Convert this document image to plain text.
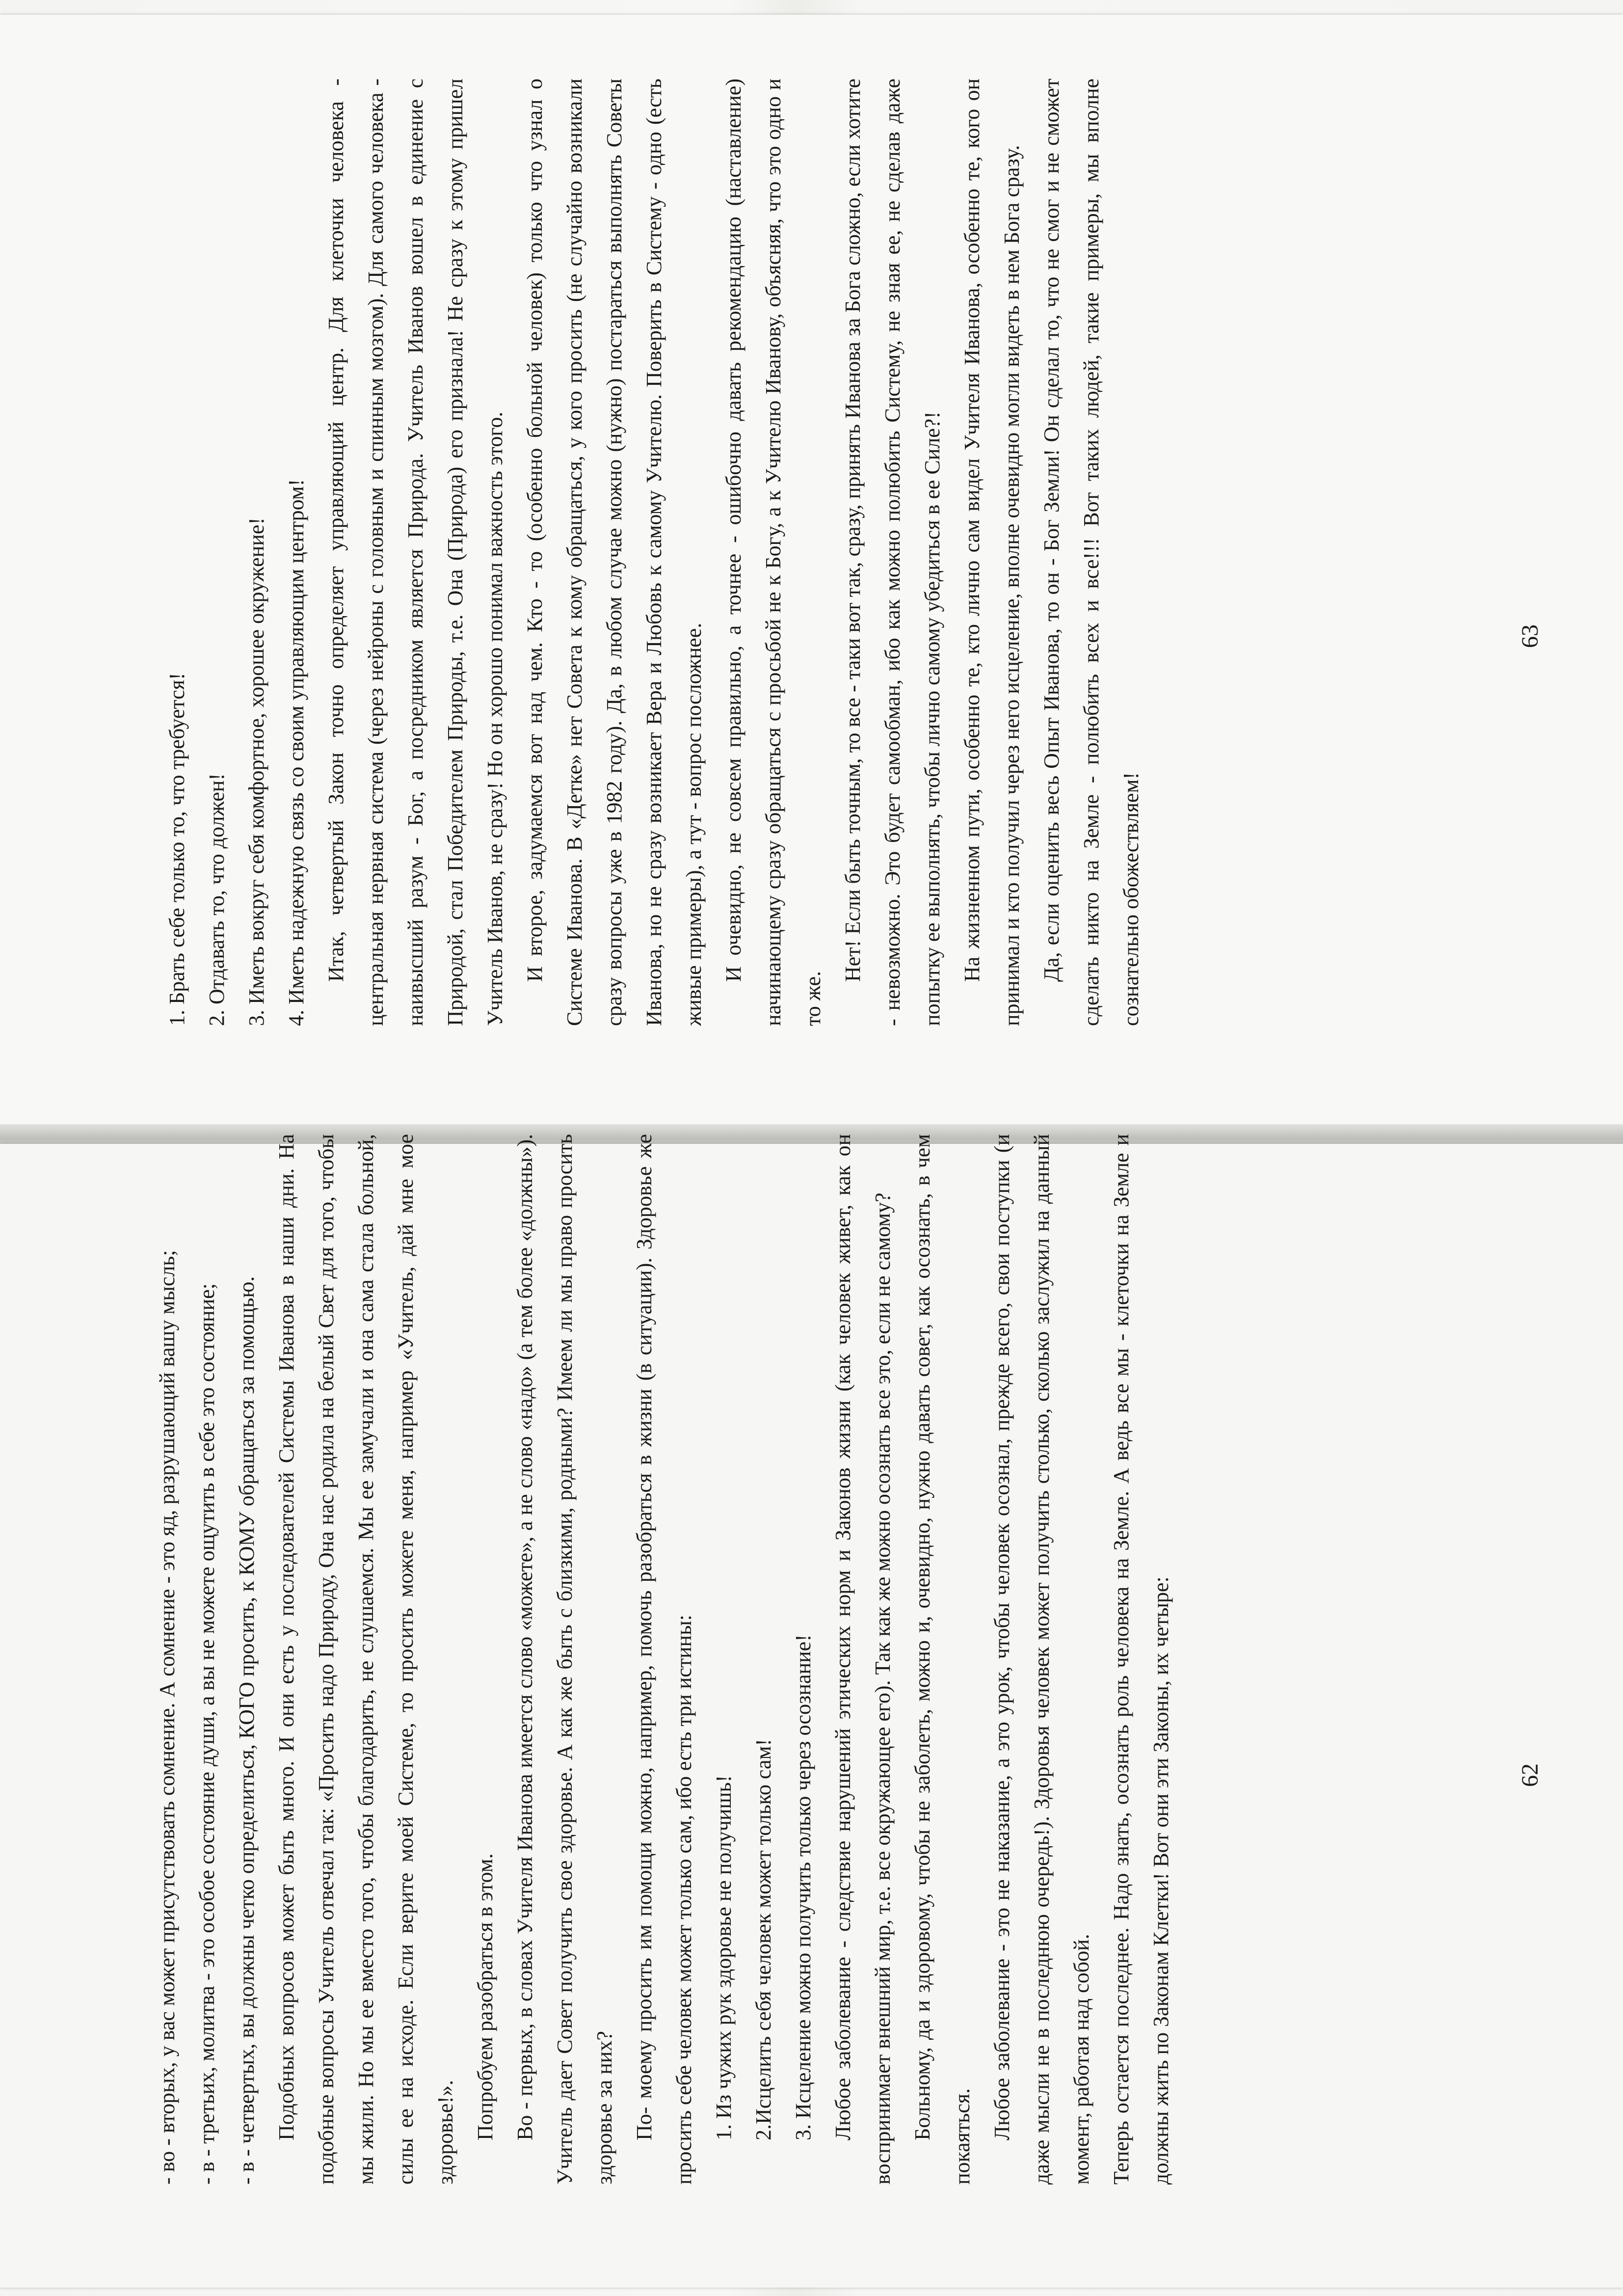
1. Брать себе только то, что требуется! 2. Отдавать то, что должен! 3. Иметь вокруг себя комфортное, хорошее окружение! 4. Иметь надежную связь со своим управляющим центром! Итак, четвертый Закон точно определяет управляющий центр. Для клеточки человека - центральная нервная система (через нейроны с головным и спинным мозгом). Для самого человека - наивысший разум - Бог, а посредником является Природа. Учитель Иванов вошел в единение с Природой, стал Победителем Природы, т.е. Она (Природа) его признала! Не сразу к этому пришел Учитель Иванов, не сразу! Но он хорошо понимал важность этого. И второе, задумаемся вот над чем. Кто - то (особенно больной человек) только что узнал о Системе Иванова. В «Детке» нет Совета к кому обращаться, у кого просить (не случайно возникали сразу вопросы уже в 1982 году). Да, в любом случае можно (нужно) постараться выполнять Советы Иванова, но не сразу возникает Вера и Любовь к самому Учителю. Поверить в Систему - одно (есть живые примеры), а тут - вопрос посложнее. И очевидно, не совсем правильно, а точнее - ошибочно давать рекомендацию (наставление) начинающему сразу обращаться с просьбой не к Богу, а к Учителю Иванову, объясняя, что это одно и то же.

Нет! Если быть точным, то все - таки вот так, сразу, принять Иванова за Бога сложно, если хотите - невозможно. Это будет самообман, ибо как можно полюбить Систему, не зная ее, не сделав даже попытку ее выполнять, чтобы лично самому убедиться в ее Силе?! На жизненном пути, особенно те, кто лично сам видел Учителя Иванова, особенно те, кого он принимал и кто получил через него исцеление, вполне очевидно могли видеть в нем Бога сразу. Да, если оценить весь Опыт Иванова, то он - Бог Земли! Он сделал то, что не смог и не сможет сделать никто на Земле - полюбить всех и все!!! Вот таких людей, такие примеры, мы вполне сознательно обожествляем!

- во - вторых, у вас может присутствовать сомнение. А сомнение - это яд, разрушающий вашу мысль; - в - третьих, молитва - это особое состояние души, а вы не можете ощутить в себе это состояние; - в - четвертых, вы должны четко определиться, КОГО просить, к КОМУ обращаться за помощью. Подобных вопросов может быть много. И они есть у последователей Системы Иванова в наши дни. На подобные вопросы Учитель отвечал так: «Просить надо Природу, Она нас родила на белый Свет для того, чтобы мы жили. Но мы ее вместо того, чтобы благодарить, не слушаемся. Мы ее замучали и она сама стала больной, силы ее на исходе. Если верите моей Системе, то просить можете меня, например «Учитель, дай мне мое здоровье!». Попробуем разобраться в этом. Во - первых, в словах Учителя Иванова имеется слово «можете», а не слово «надо» (а тем более «должны»). Учитель дает Совет получить свое здоровье. А как же быть с близкими, родными? Имеем ли мы право просить здоровье за них? По- моему просить им помощи можно, например, помочь разобраться в жизни (в ситуации). Здоровье же просить себе человек может только сам, ибо есть три истины: 1. Из чужих рук здоровье не получишь! 2.Исцелить себя человек может только сам! 3. Исцеление можно получить только через осознание! Любое заболевание - следствие нарушений этических норм и Законов жизни (как человек живет, как он воспринимает внешний мир, т.е. все окружающее его). Так как же можно осознать все это, если не самому? Больному, да и здоровому, чтобы не заболеть, можно и, очевидно, нужно давать совет, как осознать, в чем покаяться. Любое заболевание - это не наказание, а это урок, чтобы человек осознал, прежде всего, свои поступки (и даже мысли не в последнюю очередь!). Здоровья человек может получить столько, сколько заслужил на данный момент, работая над собой. Теперь остается последнее. Надо знать, осознать роль человека на Земле. А ведь все мы - клеточки на Земле и должны жить по Законам Клетки! Вот они эти Законы, их четыре:

63
62
